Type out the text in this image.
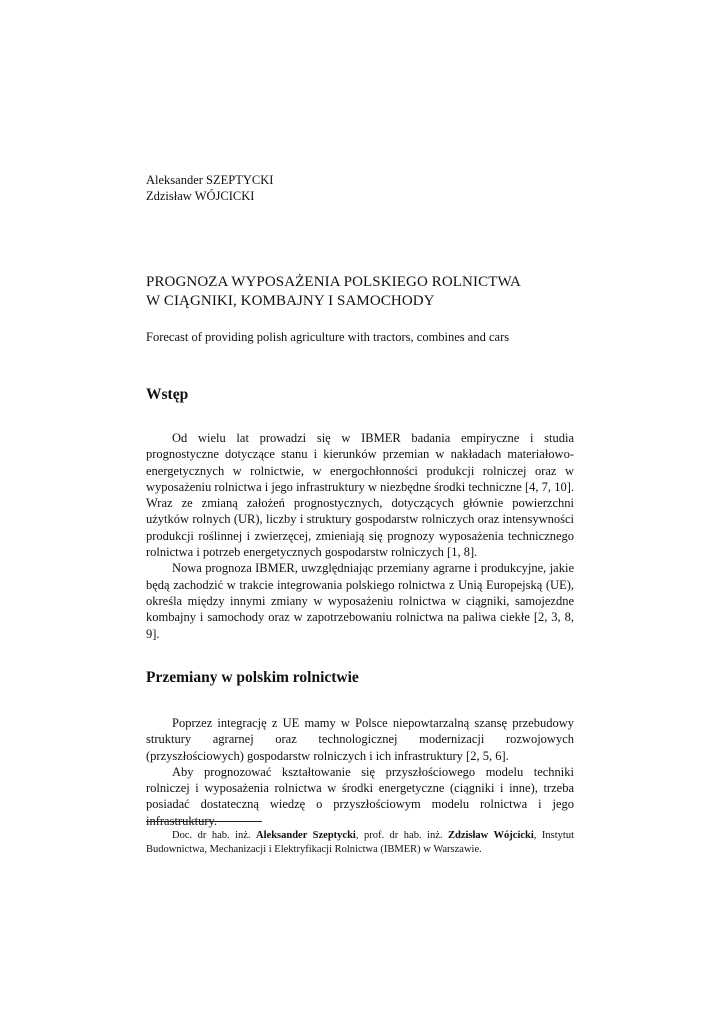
Aleksander SZEPTYCKI
Zdzisław WÓJCICKI
PROGNOZA WYPOSAŻENIA POLSKIEGO ROLNICTWA
W CIĄGNIKI, KOMBAJNY I SAMOCHODY
Forecast of providing polish agriculture with tractors, combines and cars
Wstęp

Od wielu lat prowadzi się w IBMER badania empiryczne i studia prognostyczne dotyczące stanu i kierunków przemian w nakładach materiałowo-energetycznych w rolnictwie, w energochłonności produkcji rolniczej oraz w wyposażeniu rolnictwa i jego infrastruktury w niezbędne środki techniczne [4, 7, 10]. Wraz ze zmianą założeń prognostycznych, dotyczących głównie powierzchni użytków rolnych (UR), liczby i struktury gospodarstw rolniczych oraz intensywności produkcji roślinnej i zwierzęcej, zmieniają się prognozy wyposażenia technicznego rolnictwa i potrzeb energetycznych gospodarstw rolniczych [1, 8].

Nowa prognoza IBMER, uwzględniając przemiany agrarne i produkcyjne, jakie będą zachodzić w trakcie integrowania polskiego rolnictwa z Unią Europejską (UE), określa między innymi zmiany w wyposażeniu rolnictwa w ciągniki, samojezdne kombajny i samochody oraz w zapotrzebowaniu rolnictwa na paliwa ciekłe [2, 3, 8, 9].

Przemiany w polskim rolnictwie

Poprzez integrację z UE mamy w Polsce niepowtarzalną szansę przebudowy struktury agrarnej oraz technologicznej modernizacji rozwojowych (przyszłościowych) gospodarstw rolniczych i ich infrastruktury [2, 5, 6].

Aby prognozować kształtowanie się przyszłościowego modelu techniki rolniczej i wyposażenia rolnictwa w środki energetyczne (ciągniki i inne), trzeba posiadać dostateczną wiedzę o przyszłościowym modelu rolnictwa i jego infrastruktury.

Doc. dr hab. inż. Aleksander Szeptycki, prof. dr hab. inż. Zdzisław Wójcicki, Instytut Budownictwa, Mechanizacji i Elektryfikacji Rolnictwa (IBMER) w Warszawie.
